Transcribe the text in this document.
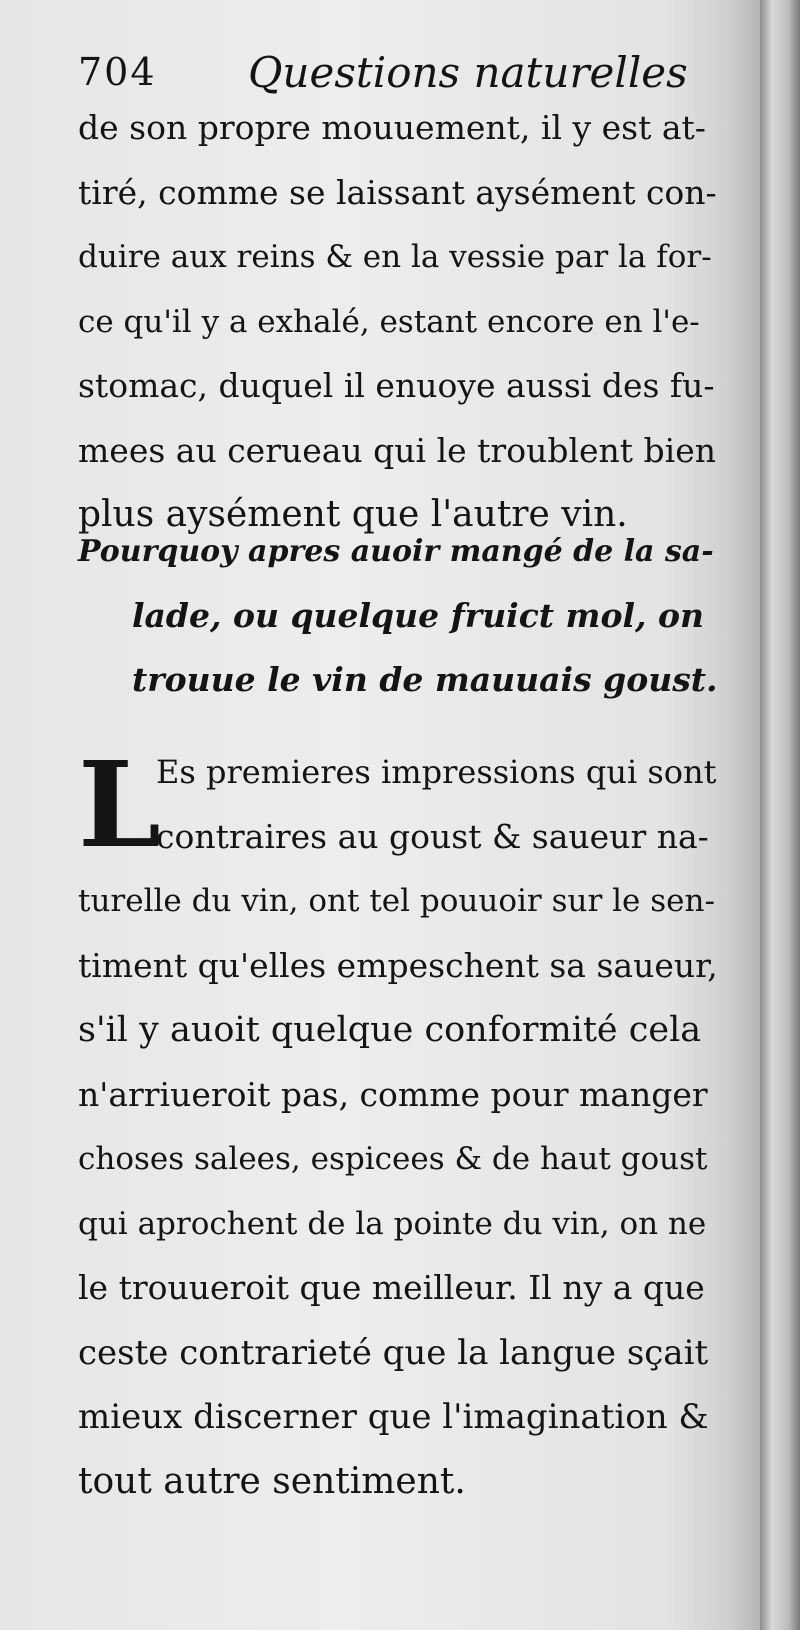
704 Questions naturelles
de son propre mouuement, il y est at-
tiré, comme se laissant aysément con-
duire aux reins & en la vessie par la for-
ce qu'il y a exhalé, estant encore en l'e-
stomac, duquel il enuoye aussi des fu-
mees au cerueau qui le troublent bien
plus aysément que l'autre vin.
Pourquoy apres auoir mangé de la sa-
lade, ou quelque fruict mol, on
trouue le vin de mauuais goust.
L
Es premieres impressions qui sont
contraires au goust & saueur na-
turelle du vin, ont tel pouuoir sur le sen-
timent qu'elles empeschent sa saueur,
s'il y auoit quelque conformité cela
n'arriueroit pas, comme pour manger
choses salees, espicees & de haut goust
qui aprochent de la pointe du vin, on ne
le trouueroit que meilleur. Il ny a que
ceste contrarieté que la langue sçait
mieux discerner que l'imagination &
tout autre sentiment.
